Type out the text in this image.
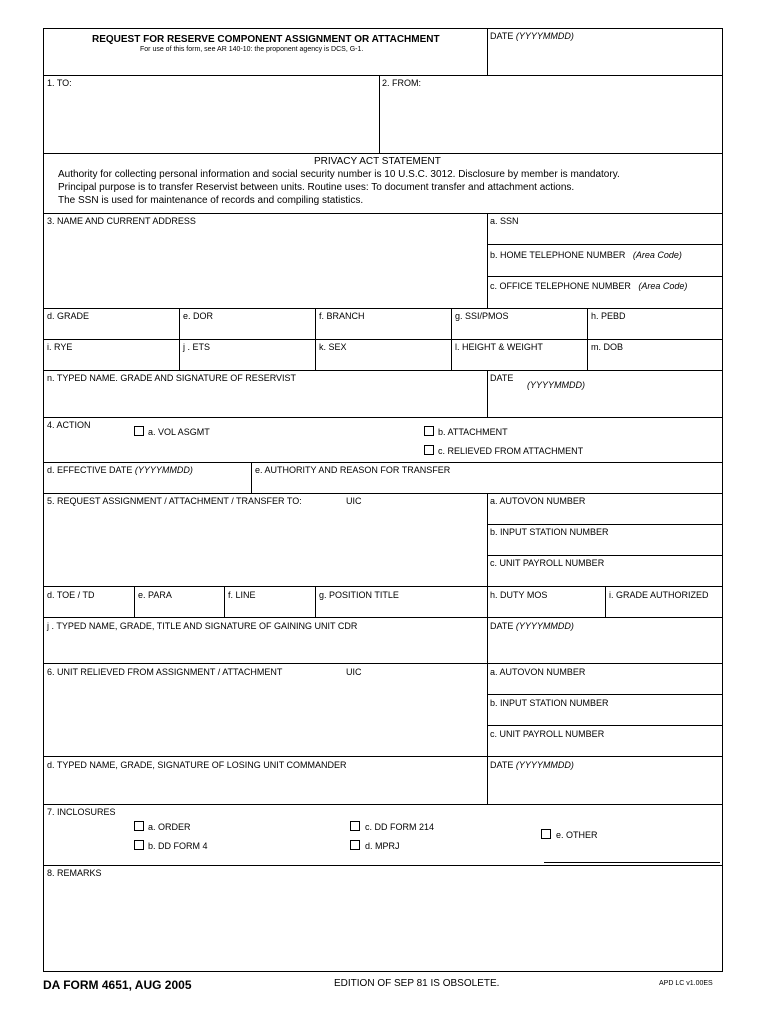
REQUEST FOR RESERVE COMPONENT ASSIGNMENT OR ATTACHMENT
For use of this form, see AR 140-10: the proponent agency is DCS, G-1.
DATE (YYYYMMDD)
1. TO:	2. FROM:
PRIVACY ACT STATEMENT
Authority for collecting personal information and social security number is 10 U.S.C. 3012. Disclosure by member is mandatory.
Principal purpose is to transfer Reservist between units. Routine uses: To document transfer and attachment actions.
The SSN is used for maintenance of records and compiling statistics.
3. NAME AND CURRENT ADDRESS	a. SSN
b. HOME TELEPHONE NUMBER (Area Code)
c. OFFICE TELEPHONE NUMBER (Area Code)
d. GRADE	e. DOR	f. BRANCH	g. SSI/PMOS	h. PEBD
i. RYE	j . ETS	k. SEX	l. HEIGHT & WEIGHT	m. DOB
n. TYPED NAME. GRADE AND SIGNATURE OF RESERVIST	DATE
(YYYYMMDD)
4. ACTION
a. VOL ASGMT	b. ATTACHMENT
c. RELIEVED FROM ATTACHMENT
d. EFFECTIVE DATE (YYYYMMDD)	e. AUTHORITY AND REASON FOR TRANSFER
5. REQUEST ASSIGNMENT / ATTACHMENT / TRANSFER TO:	UIC	a. AUTOVON NUMBER
b. INPUT STATION NUMBER
c. UNIT PAYROLL NUMBER
d. TOE / TD	e. PARA	f. LINE	g. POSITION TITLE	h. DUTY MOS	i. GRADE AUTHORIZED
j . TYPED NAME, GRADE, TITLE AND SIGNATURE OF GAINING UNIT CDR	DATE (YYYYMMDD)
6. UNIT RELIEVED FROM ASSIGNMENT / ATTACHMENT	UIC	a. AUTOVON NUMBER
b. INPUT STATION NUMBER
c. UNIT PAYROLL NUMBER
d. TYPED NAME, GRADE, SIGNATURE OF LOSING UNIT COMMANDER	DATE (YYYYMMDD)
7. INCLOSURES
a. ORDER
b. DD FORM 4
c. DD FORM 214
d. MPRJ
e. OTHER
8. REMARKS
DA FORM 4651, AUG 2005	EDITION OF SEP 81 IS OBSOLETE.	APD LC v1.00ES
